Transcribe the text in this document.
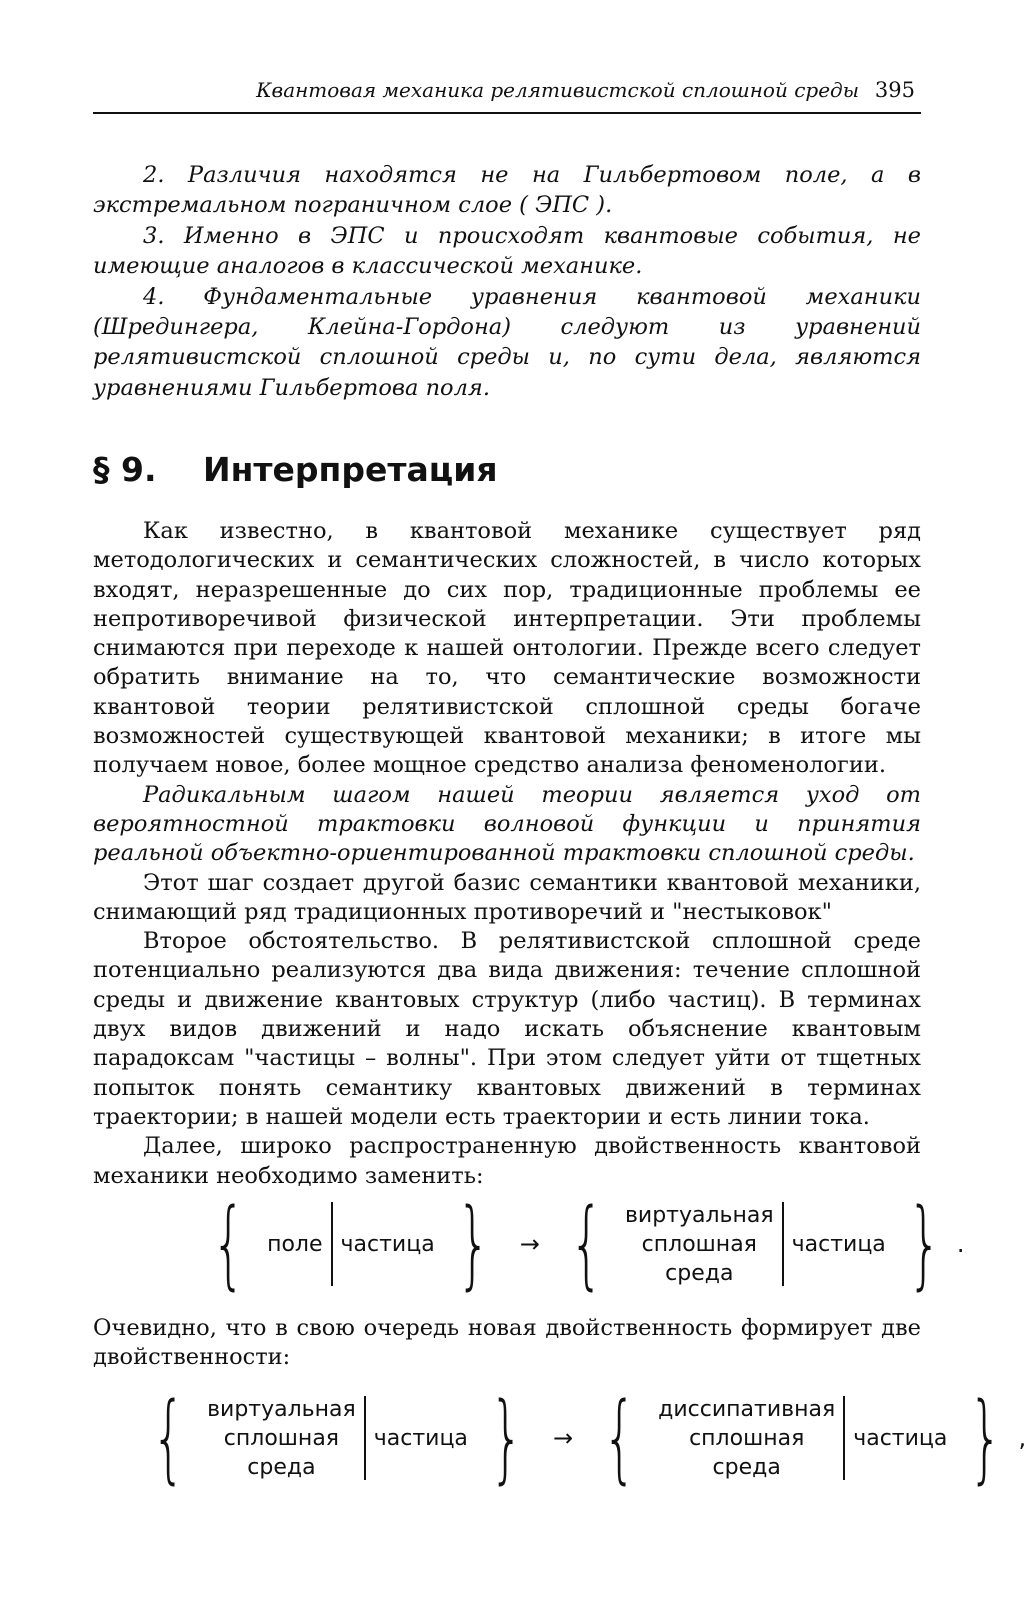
Квантовая механика релятивистской сплошной среды 395

2. Различия находятся не на Гильбертовом поле, а в экстремальном пограничном слое ( ЭПС ).

3. Именно в ЭПС и происходят квантовые события, не имеющие аналогов в классической механике.

4. Фундаментальные уравнения квантовой механики (Шредингера, Клейна-Гордона) следуют из уравнений релятивистской сплошной среды и, по сути дела, являются уравнениями Гильбертова поля.

§ 9. Интерпретация

Как известно, в квантовой механике существует ряд методологических и семантических сложностей, в число которых входят, неразрешенные до сих пор, традиционные проблемы ее непротиворечивой физической интерпретации. Эти проблемы снимаются при переходе к нашей онтологии. Прежде всего следует обратить внимание на то, что семантические возможности квантовой теории релятивистской сплошной среды богаче возможностей существующей квантовой механики; в итоге мы получаем новое, более мощное средство анализа феноменологии.

Радикальным шагом нашей теории является уход от вероятностной трактовки волновой функции и принятия реальной объектно-ориентированной трактовки сплошной среды.

Этот шаг создает другой базис семантики квантовой механики, снимающий ряд традиционных противоречий и "нестыковок"

Второе обстоятельство. В релятивистской сплошной среде потенциально реализуются два вида движения: течение сплошной среды и движение квантовых структур (либо частиц). В терминах двух видов движений и надо искать объяснение квантовым парадоксам "частицы – волны". При этом следует уйти от тщетных попыток понять семантику квантовых движений в терминах траектории; в нашей модели есть траектории и есть линии тока.

Далее, широко распространенную двойственность квантовой механики необходимо заменить:

{ поле частица }	→ { виртуальная
сплошная
среда
частица } .

Очевидно, что в свою очередь новая двойственность формирует две двойственности:

{ виртуальная
сплошная
среда
частица }	→ { диссипативная
сплошная
среда
частица } ,
